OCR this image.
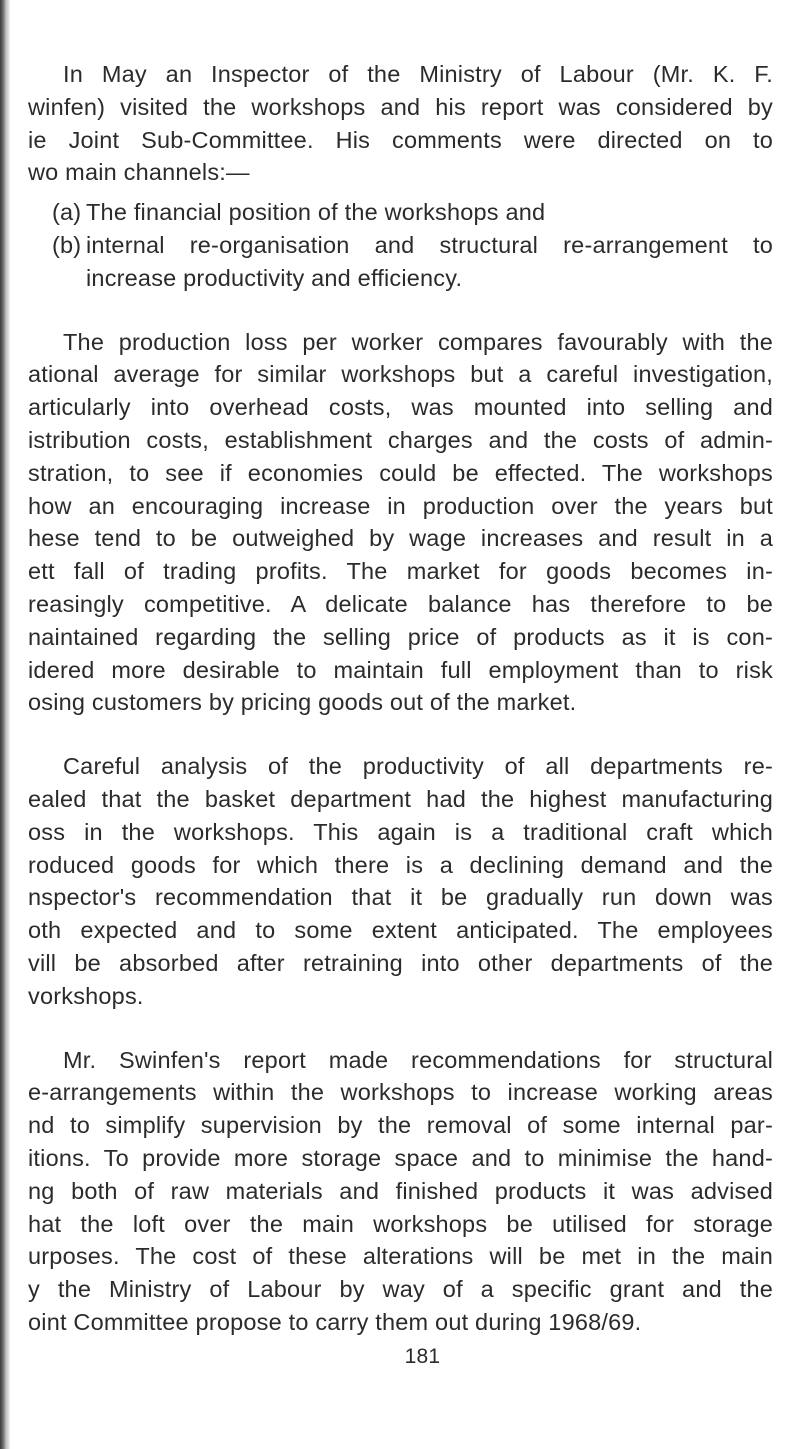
In May an Inspector of the Ministry of Labour (Mr. K. F.
winfen) visited the workshops and his report was considered by
ie Joint Sub-Committee. His comments were directed on to
wo main channels:—
(a) The financial position of the workshops and
(b) internal re-organisation and structural re-arrangement to
increase productivity and efficiency.
The production loss per worker compares favourably with the
ational average for similar workshops but a careful investigation,
articularly into overhead costs, was mounted into selling and
istribution costs, establishment charges and the costs of admin-
stration, to see if economies could be effected. The workshops
how an encouraging increase in production over the years but
hese tend to be outweighed by wage increases and result in a
ett fall of trading profits. The market for goods becomes in-
reasingly competitive. A delicate balance has therefore to be
naintained regarding the selling price of products as it is con-
idered more desirable to maintain full employment than to risk
osing customers by pricing goods out of the market.
Careful analysis of the productivity of all departments re-
ealed that the basket department had the highest manufacturing
oss in the workshops. This again is a traditional craft which
roduced goods for which there is a declining demand and the
nspector's recommendation that it be gradually run down was
oth expected and to some extent anticipated. The employees
vill be absorbed after retraining into other departments of the
vorkshops.
Mr. Swinfen's report made recommendations for structural
e-arrangements within the workshops to increase working areas
nd to simplify supervision by the removal of some internal par-
itions. To provide more storage space and to minimise the hand-
ng both of raw materials and finished products it was advised
hat the loft over the main workshops be utilised for storage
urposes. The cost of these alterations will be met in the main
y the Ministry of Labour by way of a specific grant and the
oint Committee propose to carry them out during 1968/69.
181
